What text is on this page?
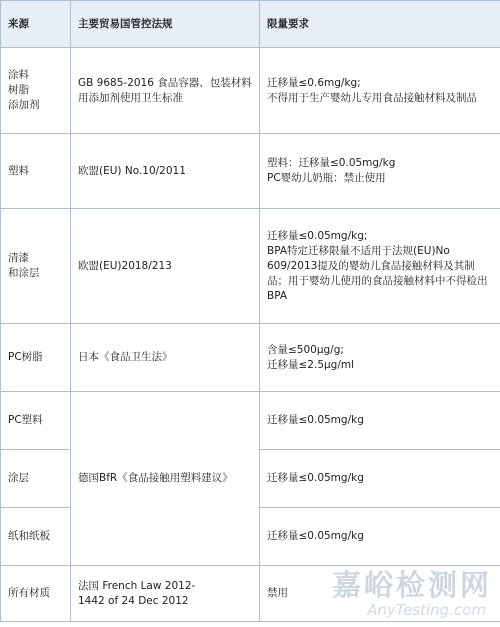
来源	主要贸易国管控法规	限量要求
涂料
树脂
添加剂	GB 9685-2016 食品容器、包装材料用添加剂使用卫生标准	迁移量≤0.6mg/kg;
不得用于生产婴幼儿专用食品接触材料及制品
塑料	欧盟(EU) No.10/2011	塑料：迁移量≤0.05mg/kg
PC婴幼儿奶瓶：禁止使用
清漆
和涂层	欧盟(EU)2018/213	迁移量≤0.05mg/kg;
BPA特定迁移限量不适用于法规(EU)No 609/2013提及的婴幼儿食品接触材料及其制品；用于婴幼儿使用的食品接触材料中不得检出BPA
PC树脂	日本《食品卫生法》	含量≤500μg/g;
迁移量≤2.5μg/ml
PC塑料	德国BfR《食品接触用塑料建议》	迁移量≤0.05mg/kg
涂层		迁移量≤0.05mg/kg
纸和纸板		迁移量≤0.05mg/kg
所有材质	法国 French Law 2012-
1442 of 24 Dec 2012	禁用 嘉峪检测网
AnyTesting.com
